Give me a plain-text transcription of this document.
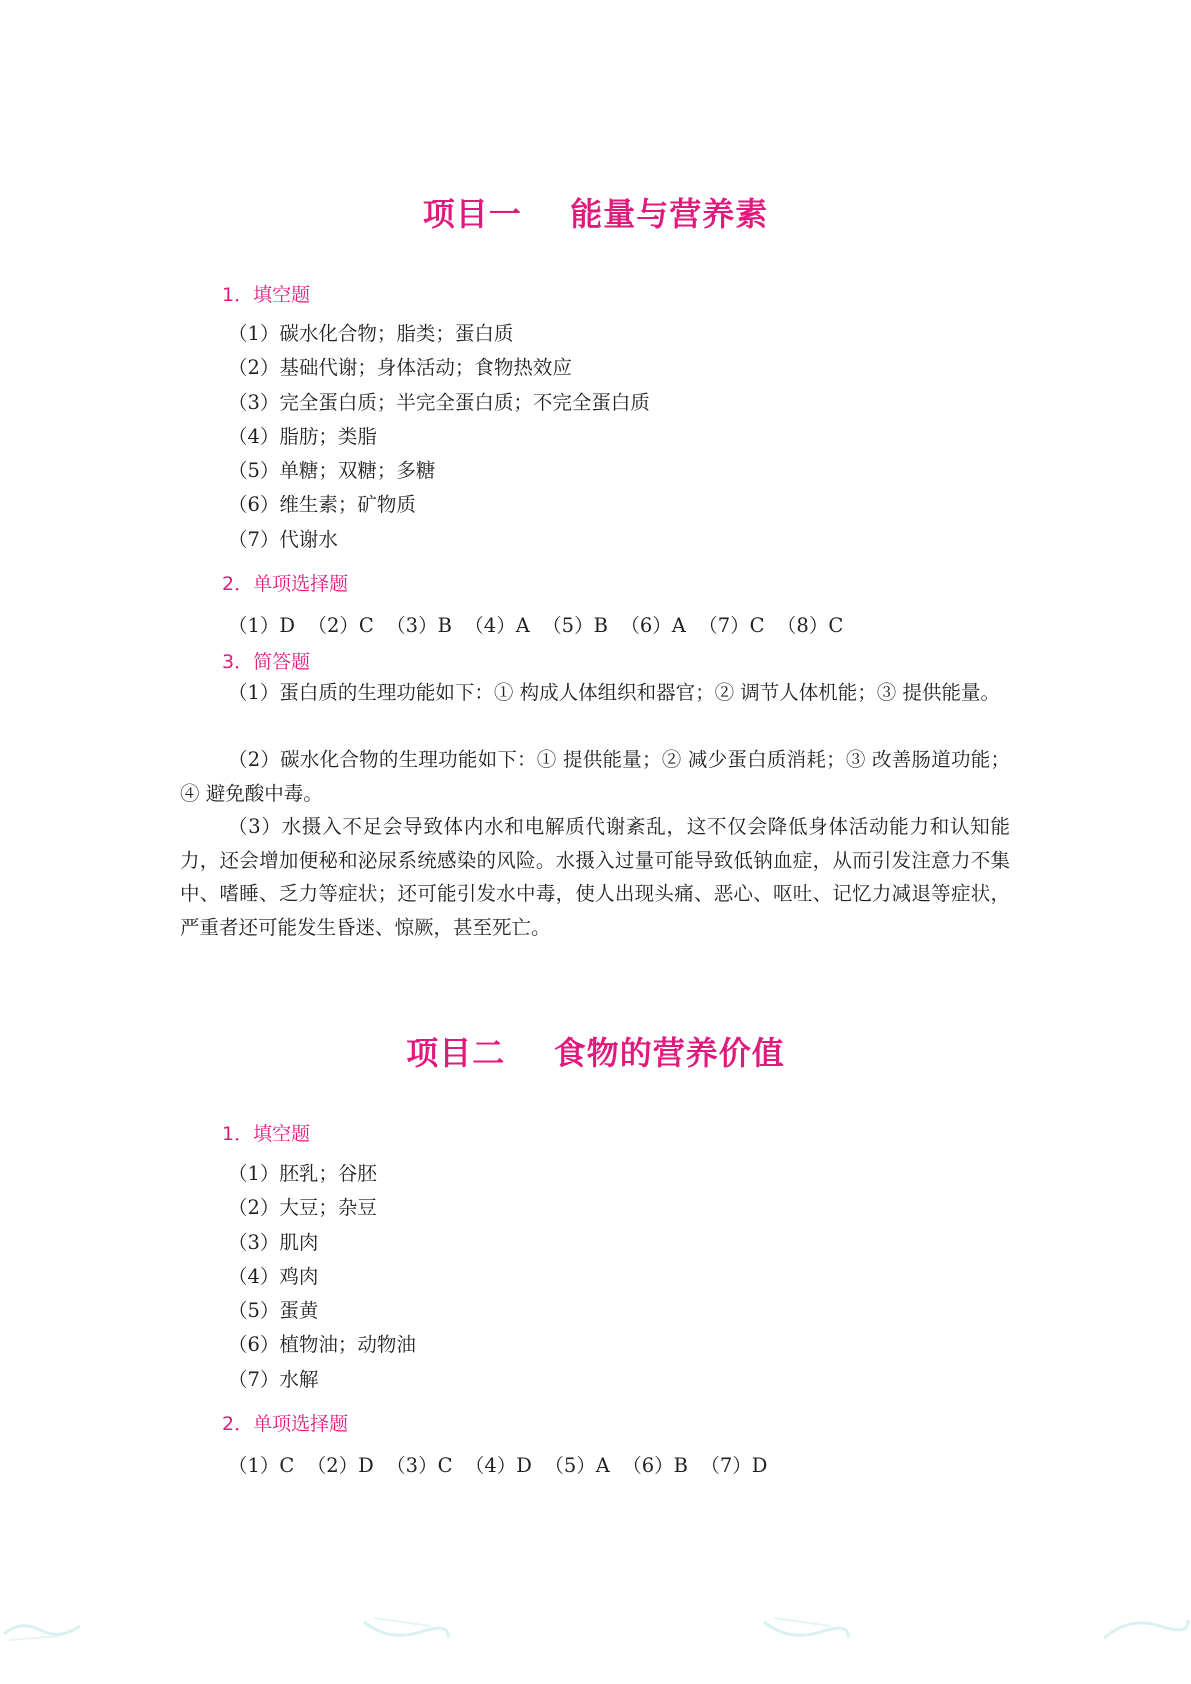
项目一    能量与营养素
1．填空题
（1）碳水化合物；脂类；蛋白质
（2）基础代谢；身体活动；食物热效应
（3）完全蛋白质；半完全蛋白质；不完全蛋白质
（4）脂肪；类脂
（5）单糖；双糖；多糖
（6）维生素；矿物质
（7）代谢水
2．单项选择题
（1）D  （2）C  （3）B  （4）A  （5）B  （6）A  （7）C  （8）C
3．简答题

（1）蛋白质的生理功能如下：① 构成人体组织和器官；② 调节人体机能；③ 提供能量。

（2）碳水化合物的生理功能如下：① 提供能量；② 减少蛋白质消耗；③ 改善肠道功能；④ 避免酸中毒。

（3）水摄入不足会导致体内水和电解质代谢紊乱，这不仅会降低身体活动能力和认知能力，还会增加便秘和泌尿系统感染的风险。水摄入过量可能导致低钠血症，从而引发注意力不集中、嗜睡、乏力等症状；还可能引发水中毒，使人出现头痛、恶心、呕吐、记忆力减退等症状，严重者还可能发生昏迷、惊厥，甚至死亡。

项目二    食物的营养价值
1．填空题
（1）胚乳；谷胚
（2）大豆；杂豆
（3）肌肉
（4）鸡肉
（5）蛋黄
（6）植物油；动物油
（7）水解
2．单项选择题
（1）C  （2）D  （3）C  （4）D  （5）A  （6）B  （7）D
